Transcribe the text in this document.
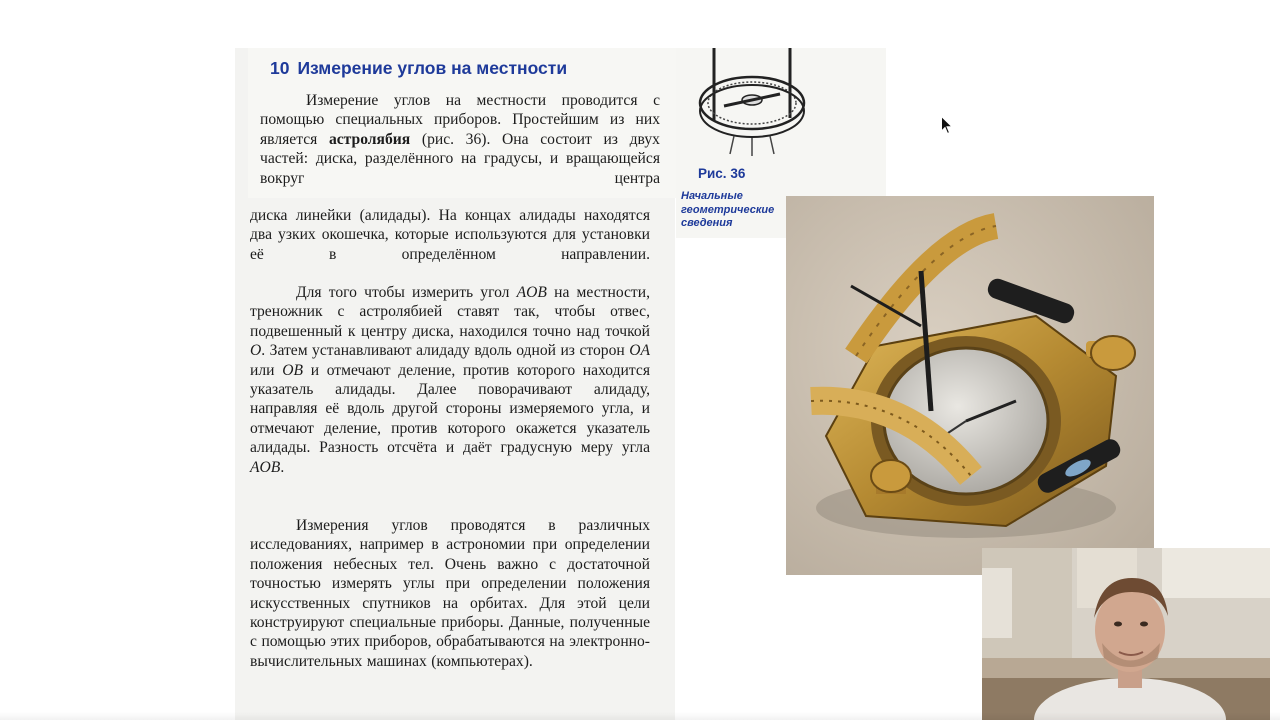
10 Измерение углов на местности

Измерение углов на местности проводится с помощью специальных приборов. Простейшим из них является астролябия (рис. 36). Она состоит из двух частей: диска, разделённого на градусы, и вращающейся вокруг центра

диска линейки (алидады). На концах алидады находятся два узких окошечка, которые используются для установки её в определённом направлении.

Для того чтобы измерить угол AOB на местности, треножник с астролябией ставят так, чтобы отвес, подвешенный к центру диска, находился точно над точкой O. Затем устанавливают алидаду вдоль одной из сторон OA или OB и отмечают деление, против которого находится указатель алидады. Далее поворачивают алидаду, направляя её вдоль другой стороны измеряемого угла, и отмечают деление, против которого окажется указатель алидады. Разность отсчёта и даёт градусную меру угла AOB.

Измерения углов проводятся в различных исследованиях, например в астрономии при определении положения небесных тел. Очень важно с достаточной точностью измерять углы при определении положения искусственных спутников на орбитах. Для этой цели конструируют специальные приборы. Данные, полученные с помощью этих приборов, обрабатываются на электронно-вычислительных машинах (компьютерах).

Рис. 36
Начальные геометрические сведения
